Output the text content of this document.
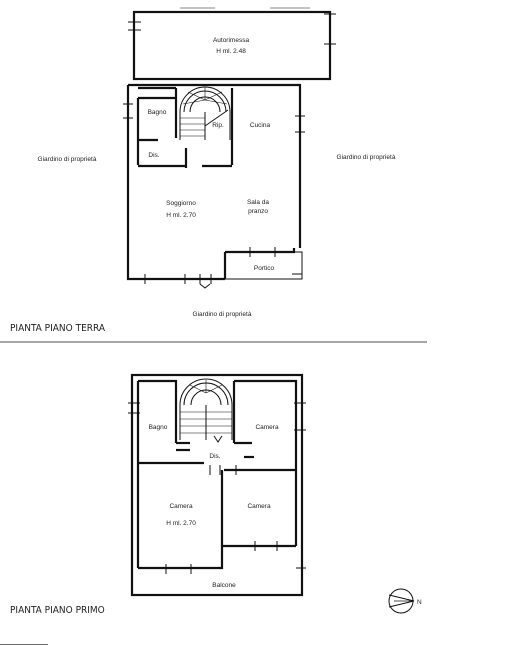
Autorimessa
H ml. 2.48
Bagno
Rip.	Cucina
Dis.
Soggiorno
H ml. 2.70
Sala da
pranzo
Portico
Giardino di proprietà	Giardino di proprietà
Giardino di proprietà
PIANTA PIANO TERRA
Bagno	Camera
Dis.
Camera
H ml. 2.70
Camera
Balcone
PIANTA PIANO PRIMO
N
